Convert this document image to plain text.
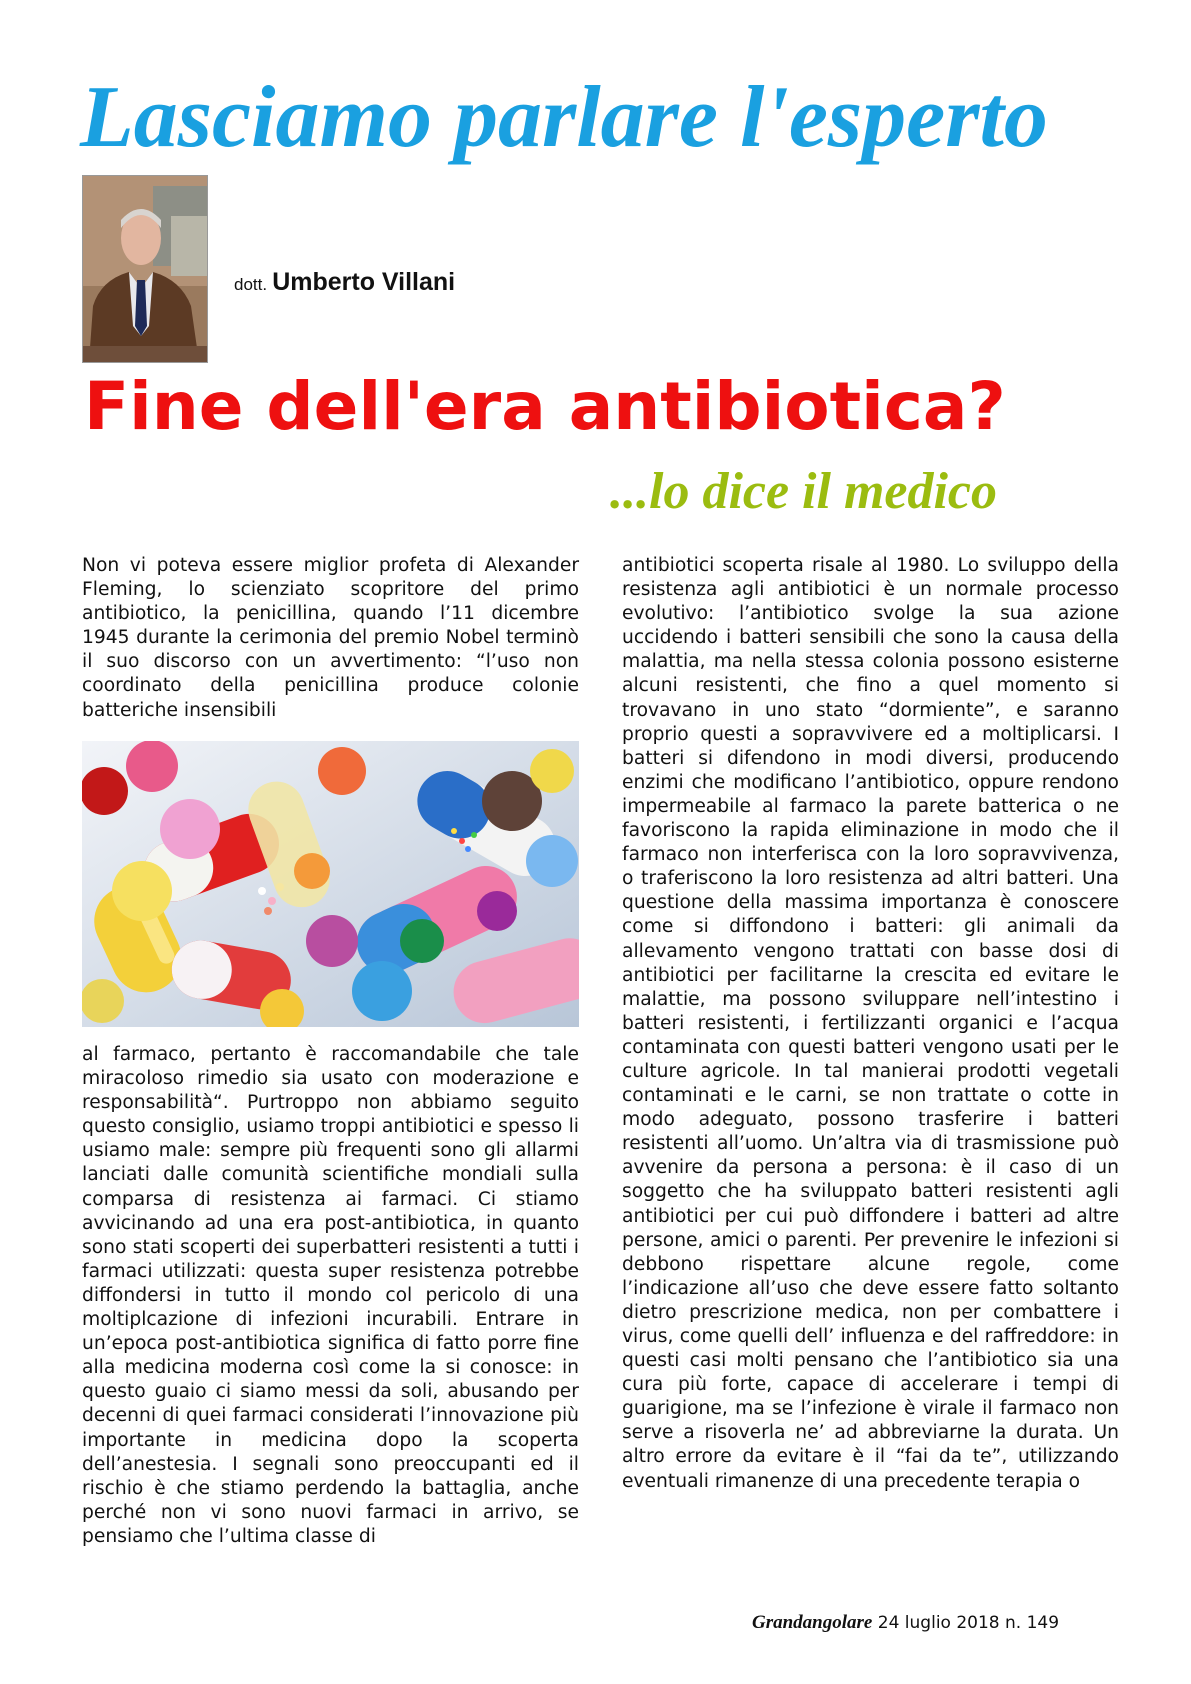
Lasciamo parlare l'esperto
dott. Umberto Villani
Fine dell'era antibiotica?
...lo dice il medico
Non vi poteva essere miglior profeta di Alexander Fleming, lo scienziato scopritore del primo antibiotico, la penicillina, quando l’11 dicembre 1945 durante la cerimonia del premio Nobel terminò il suo discorso con un avvertimento: “l’uso non coordinato della penicillina produce colonie batteriche insensibili
al farmaco, pertanto è raccomandabile che tale miracoloso rimedio sia usato con moderazione e responsabilità“. Purtroppo non abbiamo seguito questo consiglio, usiamo troppi antibiotici e spesso li usiamo male: sempre più frequenti sono gli allarmi lanciati dalle comunità scientifiche mondiali sulla comparsa di resistenza ai farmaci. Ci stiamo avvicinando ad una era post-antibiotica, in quanto sono stati scoperti dei superbatteri resistenti a tutti i farmaci utilizzati: questa super resistenza potrebbe diffondersi in tutto il mondo col pericolo di una moltiplcazione di infezioni incurabili. Entrare in un’epoca post-antibiotica significa di fatto porre fine alla medicina moderna così come la si conosce: in questo guaio ci siamo messi da soli, abusando per decenni di quei farmaci considerati l’innovazione più importante in medicina dopo la scoperta dell’anestesia. I segnali sono preoccupanti ed il rischio è che stiamo perdendo la battaglia, anche perché non vi sono nuovi farmaci in arrivo, se pensiamo che l’ultima classe di
antibiotici scoperta risale al 1980. Lo sviluppo della resistenza agli antibiotici è un normale processo evolutivo: l’antibiotico svolge la sua azione uccidendo i batteri sensibili che sono la causa della malattia, ma nella stessa colonia possono esisterne alcuni resistenti, che fino a quel momento si trovavano in uno stato “dormiente”, e saranno proprio questi a sopravvivere ed a moltiplicarsi. I batteri si difendono in modi diversi, producendo enzimi che modificano l’antibiotico, oppure rendono impermeabile al farmaco la parete batterica o ne favoriscono la rapida eliminazione in modo che il farmaco non interferisca con la loro sopravvivenza, o traferiscono la loro resistenza ad altri batteri. Una questione della massima importanza è conoscere come si diffondono i batteri: gli animali da allevamento vengono trattati con basse dosi di antibiotici per facilitarne la crescita ed evitare le malattie, ma possono sviluppare nell’intestino i batteri resistenti, i fertilizzanti organici e l’acqua contaminata con questi batteri vengono usati per le culture agricole. In tal manierai prodotti vegetali contaminati e le carni, se non trattate o cotte in modo adeguato, possono trasferire i batteri resistenti all’uomo. Un’altra via di trasmissione può avvenire da persona a persona: è il caso di un soggetto che ha sviluppato batteri resistenti agli antibiotici per cui può diffondere i batteri ad altre persone, amici o parenti. Per prevenire le infezioni si debbono rispettare alcune regole, come l’indicazione all’uso che deve essere fatto soltanto dietro prescrizione medica, non per combattere i virus, come quelli dell’ influenza e del raffreddore: in questi casi molti pensano che l’antibiotico sia una cura più forte, capace di accelerare i tempi di guarigione, ma se l’infezione è virale il farmaco non serve a risoverla ne’ ad abbreviarne la durata. Un altro errore da evitare è il “fai da te”, utilizzando eventuali rimanenze di una precedente terapia o
Grandangolare 24 luglio 2018 n. 149
